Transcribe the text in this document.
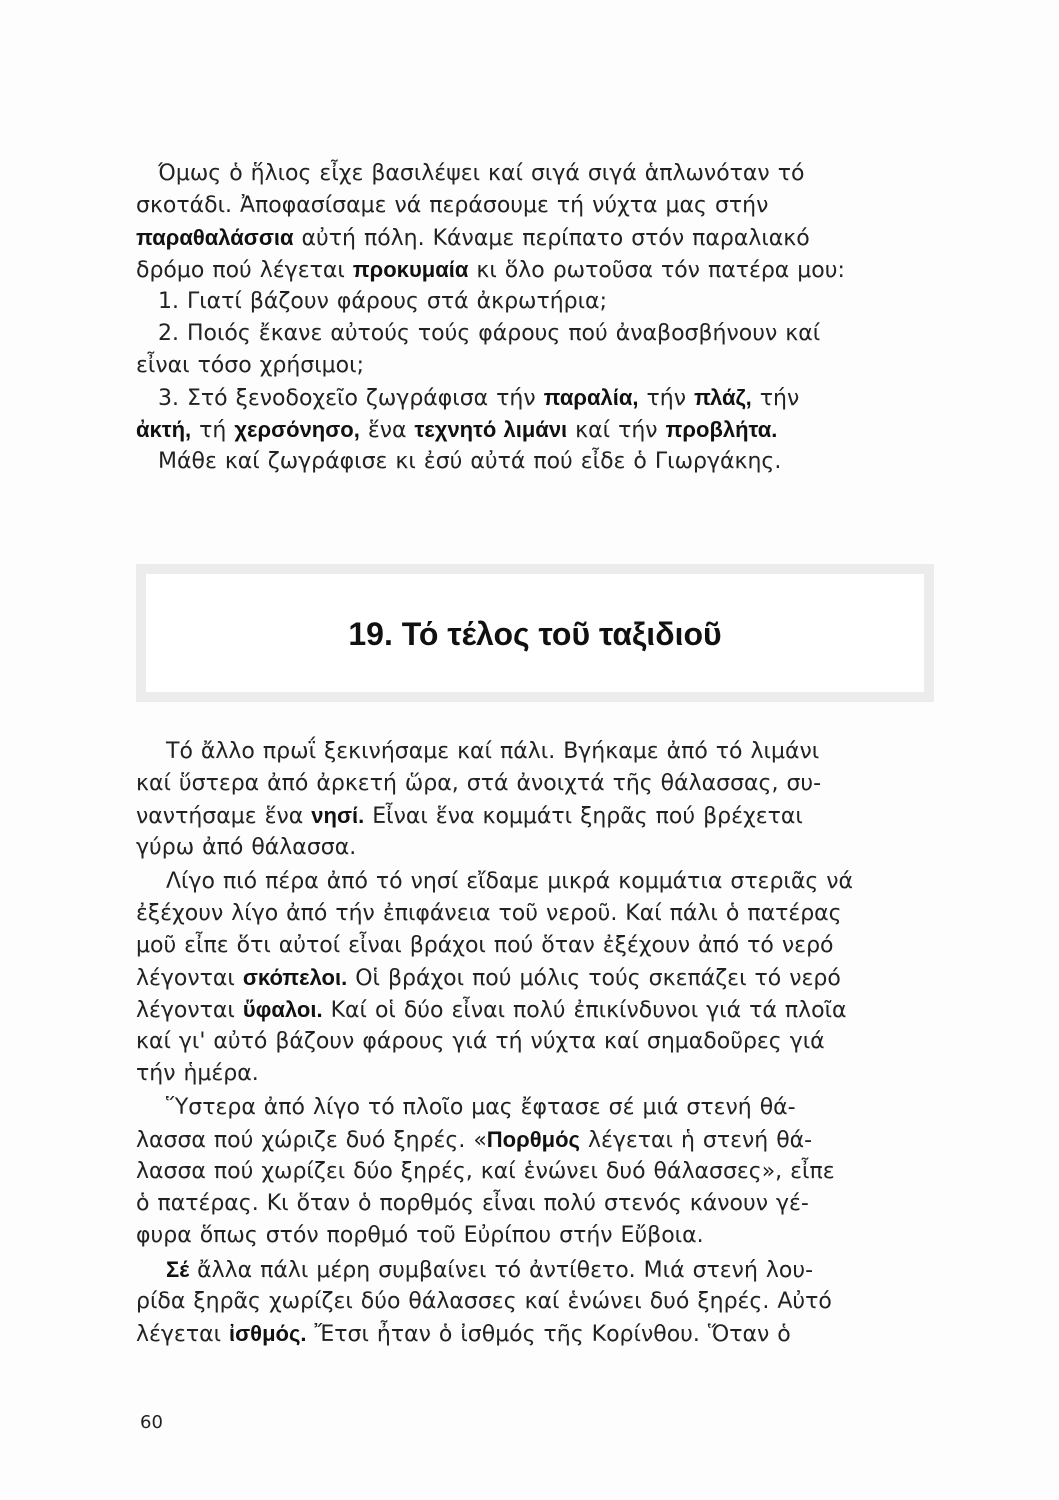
Όμως ὁ ἥλιος εἶχε βασιλέψει καί σιγά σιγά ἁπλωνόταν τό
σκοτάδι. Ἀποφασίσαμε νά περάσουμε τή νύχτα μας στήν
παραθαλάσσια αὐτή πόλη. Κάναμε περίπατο στόν παραλιακό
δρόμο πού λέγεται προκυμαία κι ὅλο ρωτοῦσα τόν πατέρα μου:
1. Γιατί βάζουν φάρους στά ἀκρωτήρια;
2. Ποιός ἔκανε αὐτούς τούς φάρους πού ἀναβοσβήνουν καί
εἶναι τόσο χρήσιμοι;
3. Στό ξενοδοχεῖο ζωγράφισα τήν παραλία, τήν πλάζ, τήν
ἀκτή, τή χερσόνησο, ἕνα τεχνητό λιμάνι καί τήν προβλήτα.
Μάθε καί ζωγράφισε κι ἐσύ αὐτά πού εἶδε ὁ Γιωργάκης.
19. Τό τέλος τοῦ ταξιδιοῦ
Τό ἄλλο πρωΐ ξεκινήσαμε καί πάλι. Βγήκαμε ἀπό τό λιμάνι
καί ὕστερα ἀπό ἀρκετή ὥρα, στά ἀνοιχτά τῆς θάλασσας, συ-
ναντήσαμε ἕνα νησί. Εἶναι ἕνα κομμάτι ξηρᾶς πού βρέχεται
γύρω ἀπό θάλασσα.
Λίγο πιό πέρα ἀπό τό νησί εἴδαμε μικρά κομμάτια στεριᾶς νά
ἐξέχουν λίγο ἀπό τήν ἐπιφάνεια τοῦ νεροῦ. Καί πάλι ὁ πατέρας
μοῦ εἶπε ὅτι αὐτοί εἶναι βράχοι πού ὅταν ἐξέχουν ἀπό τό νερό
λέγονται σκόπελοι. Οἱ βράχοι πού μόλις τούς σκεπάζει τό νερό
λέγονται ὕφαλοι. Καί οἱ δύο εἶναι πολύ ἐπικίνδυνοι γιά τά πλοῖα
καί γι' αὐτό βάζουν φάρους γιά τή νύχτα καί σημαδοῦρες γιά
τήν ἡμέρα.
Ὕστερα ἀπό λίγο τό πλοῖο μας ἔφτασε σέ μιά στενή θά-
λασσα πού χώριζε δυό ξηρές. «Πορθμός λέγεται ἡ στενή θά-
λασσα πού χωρίζει δύο ξηρές, καί ἑνώνει δυό θάλασσες», εἶπε
ὁ πατέρας. Κι ὅταν ὁ πορθμός εἶναι πολύ στενός κάνουν γέ-
φυρα ὅπως στόν πορθμό τοῦ Εὐρίπου στήν Εὔβοια.
Σέ ἄλλα πάλι μέρη συμβαίνει τό ἀντίθετο. Μιά στενή λου-
ρίδα ξηρᾶς χωρίζει δύο θάλασσες καί ἑνώνει δυό ξηρές. Αὐτό
λέγεται ἰσθμός. Ἔτσι ἦταν ὁ ἰσθμός τῆς Κορίνθου. Ὅταν ὁ
60
